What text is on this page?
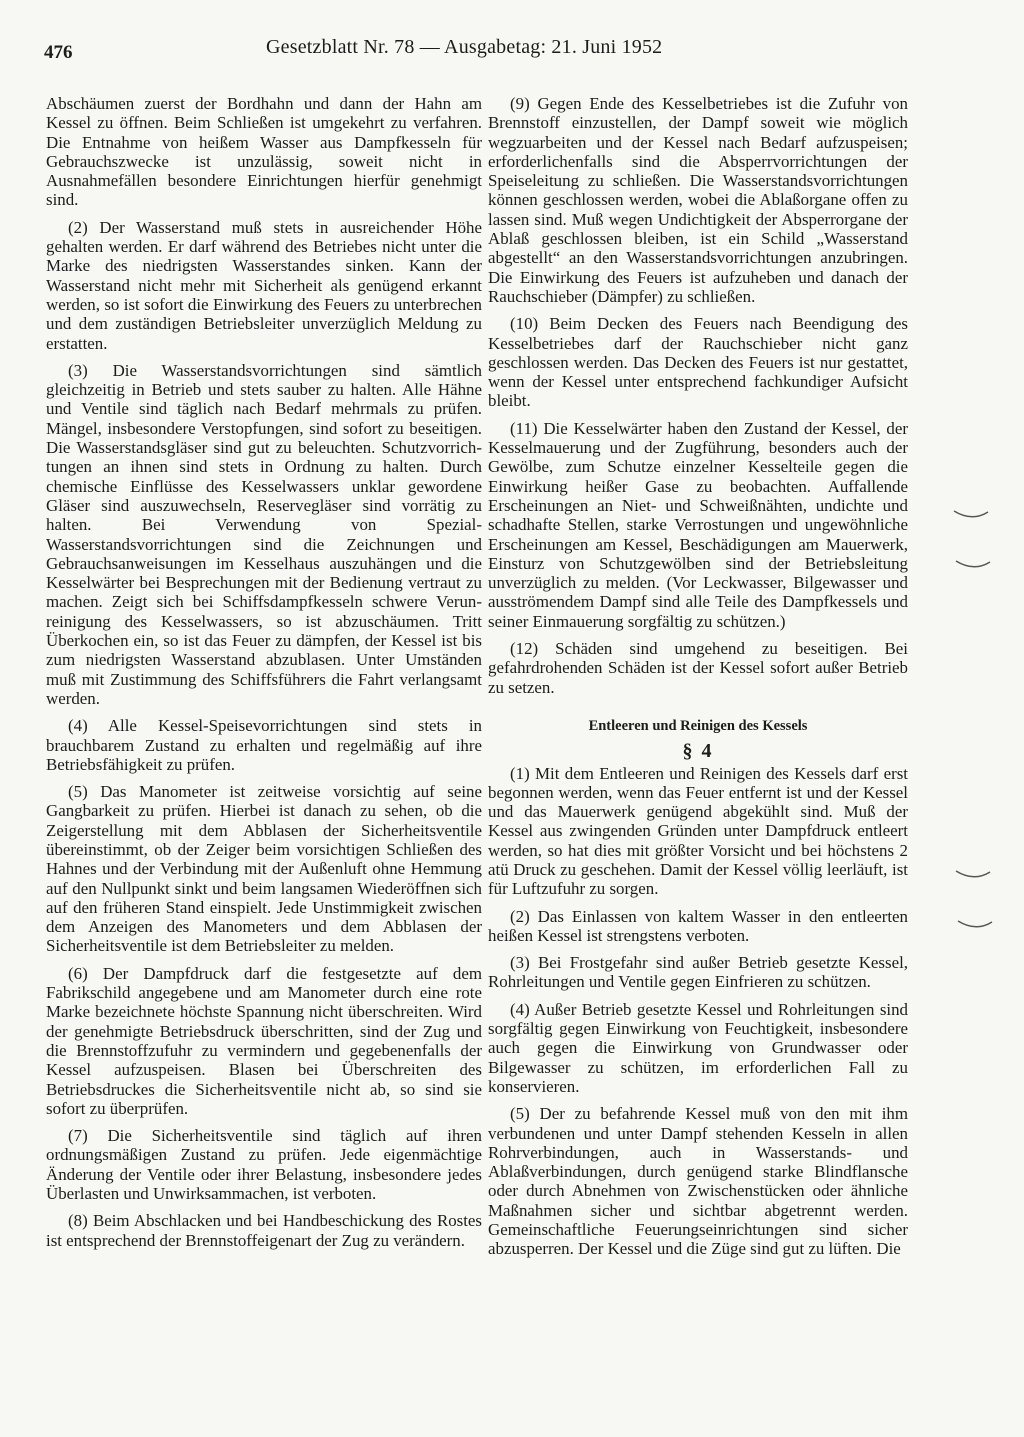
476	Gesetzblatt Nr. 78 — Ausgabetag: 21. Juni 1952

Abschäumen zuerst der Bordhahn und dann der Hahn am Kessel zu öffnen. Beim Schließen ist umgekehrt zu verfahren. Die Entnahme von heißem Wasser aus Dampfkesseln für Gebrauchszwecke ist unzulässig, soweit nicht in Ausnahmefällen besondere Einrichtungen hierfür genehmigt sind.

(2) Der Wasserstand muß stets in ausreichender Höhe gehalten werden. Er darf während des Betriebes nicht unter die Marke des niedrigsten Wasserstandes sinken. Kann der Wasserstand nicht mehr mit Sicherheit als genügend erkannt werden, so ist sofort die Einwirkung des Feuers zu unterbrechen und dem zuständigen Betriebsleiter unverzüglich Meldung zu erstatten.

(3) Die Wasserstandsvorrichtungen sind sämtlich gleichzeitig in Betrieb und stets sauber zu halten. Alle Hähne und Ventile sind täglich nach Bedarf mehrmals zu prüfen. Mängel, insbesondere Verstopfungen, sind sofort zu beseitigen. Die Wasserstandsgläser sind gut zu beleuchten. Schutzvorrichtungen an ihnen sind stets in Ordnung zu halten. Durch chemische Einflüsse des Kesselwassers unklar gewordene Gläser sind auszuwechseln, Reservegläser sind vorrätig zu halten. Bei Verwendung von Spezial-Wasserstandsvorrichtungen sind die Zeichnungen und Gebrauchsanweisungen im Kesselhaus auszuhängen und die Kesselwärter bei Besprechungen mit der Bedienung vertraut zu machen. Zeigt sich bei Schiffsdampfkesseln schwere Verunreinigung des Kesselwassers, so ist abzuschäumen. Tritt Überkochen ein, so ist das Feuer zu dämpfen, der Kessel ist bis zum niedrigsten Wasserstand abzublasen. Unter Umständen muß mit Zustimmung des Schiffsführers die Fahrt verlangsamt werden.

(4) Alle Kessel-Speisevorrichtungen sind stets in brauchbarem Zustand zu erhalten und regelmäßig auf ihre Betriebsfähigkeit zu prüfen.

(5) Das Manometer ist zeitweise vorsichtig auf seine Gangbarkeit zu prüfen. Hierbei ist danach zu sehen, ob die Zeigerstellung mit dem Abblasen der Sicherheitsventile übereinstimmt, ob der Zeiger beim vorsichtigen Schließen des Hahnes und der Verbindung mit der Außenluft ohne Hemmung auf den Nullpunkt sinkt und beim langsamen Wiederöffnen sich auf den früheren Stand einspielt. Jede Unstimmigkeit zwischen dem Anzeigen des Manometers und dem Abblasen der Sicherheitsventile ist dem Betriebsleiter zu melden.

(6) Der Dampfdruck darf die festgesetzte auf dem Fabrikschild angegebene und am Manometer durch eine rote Marke bezeichnete höchste Spannung nicht überschreiten. Wird der genehmigte Betriebsdruck überschritten, sind der Zug und die Brennstoffzufuhr zu vermindern und gegebenenfalls der Kessel aufzuspeisen. Blasen bei Überschreiten des Betriebsdruckes die Sicherheitsventile nicht ab, so sind sie sofort zu überprüfen.

(7) Die Sicherheitsventile sind täglich auf ihren ordnungsmäßigen Zustand zu prüfen. Jede eigenmächtige Änderung der Ventile oder ihrer Belastung, insbesondere jedes Überlasten und Unwirksammachen, ist verboten.

(8) Beim Abschlacken und bei Handbeschickung des Rostes ist entsprechend der Brennstoffeigenart der Zug zu verändern.

(9) Gegen Ende des Kesselbetriebes ist die Zufuhr von Brennstoff einzustellen, der Dampf soweit wie möglich wegzuarbeiten und der Kessel nach Bedarf aufzuspeisen; erforderlichenfalls sind die Absperrvorrichtungen der Speiseleitung zu schließen. Die Wasserstandsvorrichtungen können geschlossen werden, wobei die Ablaßorgane offen zu lassen sind. Muß wegen Undichtigkeit der Absperrorgane der Ablaß geschlossen bleiben, ist ein Schild „Wasserstand abgestellt“ an den Wasserstandsvorrichtungen anzubringen. Die Einwirkung des Feuers ist aufzuheben und danach der Rauchschieber (Dämpfer) zu schließen.

(10) Beim Decken des Feuers nach Beendigung des Kesselbetriebes darf der Rauchschieber nicht ganz geschlossen werden. Das Decken des Feuers ist nur gestattet, wenn der Kessel unter entsprechend fachkundiger Aufsicht bleibt.

(11) Die Kesselwärter haben den Zustand der Kessel, der Kesselmauerung und der Zugführung, besonders auch der Gewölbe, zum Schutze einzelner Kesselteile gegen die Einwirkung heißer Gase zu beobachten. Auffallende Erscheinungen an Niet- und Schweißnähten, undichte und schadhafte Stellen, starke Verrostungen und ungewöhnliche Erscheinungen am Kessel, Beschädigungen am Mauerwerk, Einsturz von Schutzgewölben sind der Betriebsleitung unverzüglich zu melden. (Vor Leckwasser, Bilgewasser und ausströmendem Dampf sind alle Teile des Dampfkessels und seiner Einmauerung sorgfältig zu schützen.)

(12) Schäden sind umgehend zu beseitigen. Bei gefahrdrohenden Schäden ist der Kessel sofort außer Betrieb zu setzen.

Entleeren und Reinigen des Kessels
§ 4

(1) Mit dem Entleeren und Reinigen des Kessels darf erst begonnen werden, wenn das Feuer entfernt ist und der Kessel und das Mauerwerk genügend abgekühlt sind. Muß der Kessel aus zwingenden Gründen unter Dampfdruck entleert werden, so hat dies mit größter Vorsicht und bei höchstens 2 atü Druck zu geschehen. Damit der Kessel völlig leerläuft, ist für Luftzufuhr zu sorgen.

(2) Das Einlassen von kaltem Wasser in den entleerten heißen Kessel ist strengstens verboten.

(3) Bei Frostgefahr sind außer Betrieb gesetzte Kessel, Rohrleitungen und Ventile gegen Einfrieren zu schützen.

(4) Außer Betrieb gesetzte Kessel und Rohrleitungen sind sorgfältig gegen Einwirkung von Feuchtigkeit, insbesondere auch gegen die Einwirkung von Grundwasser oder Bilgewasser zu schützen, im erforderlichen Fall zu konservieren.

(5) Der zu befahrende Kessel muß von den mit ihm verbundenen und unter Dampf stehenden Kesseln in allen Rohrverbindungen, auch in Wasserstands- und Ablaßverbindungen, durch genügend starke Blindflansche oder durch Abnehmen von Zwischenstücken oder ähnliche Maßnahmen sicher und sichtbar abgetrennt werden. Gemeinschaftliche Feuerungseinrichtungen sind sicher abzusperren. Der Kessel und die Züge sind gut zu lüften. Die
